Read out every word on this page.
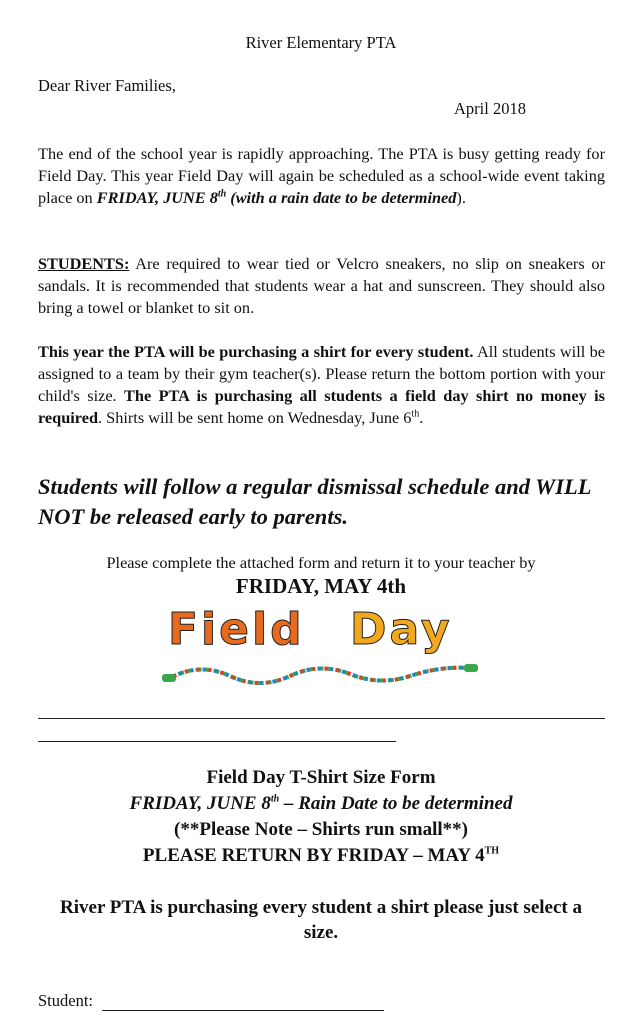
River Elementary PTA
Dear River Families,
April 2018
The end of the school year is rapidly approaching. The PTA is busy getting ready for Field Day. This year Field Day will again be scheduled as a school-wide event taking place on FRIDAY, JUNE 8th (with a rain date to be determined).
STUDENTS: Are required to wear tied or Velcro sneakers, no slip on sneakers or sandals. It is recommended that students wear a hat and sunscreen. They should also bring a towel or blanket to sit on.
This year the PTA will be purchasing a shirt for every student. All students will be assigned to a team by their gym teacher(s). Please return the bottom portion with your child's size. The PTA is purchasing all students a field day shirt no money is required. Shirts will be sent home on Wednesday, June 6th.
Students will follow a regular dismissal schedule and WILL NOT be released early to parents.
Please complete the attached form and return it to your teacher by
FRIDAY, MAY 4th
Field Day
Field Day T-Shirt Size Form
FRIDAY, JUNE 8th – Rain Date to be determined
(**Please Note – Shirts run small**)
PLEASE RETURN BY FRIDAY – MAY 4TH
River PTA is purchasing every student a shirt please just select a size.
Student:
